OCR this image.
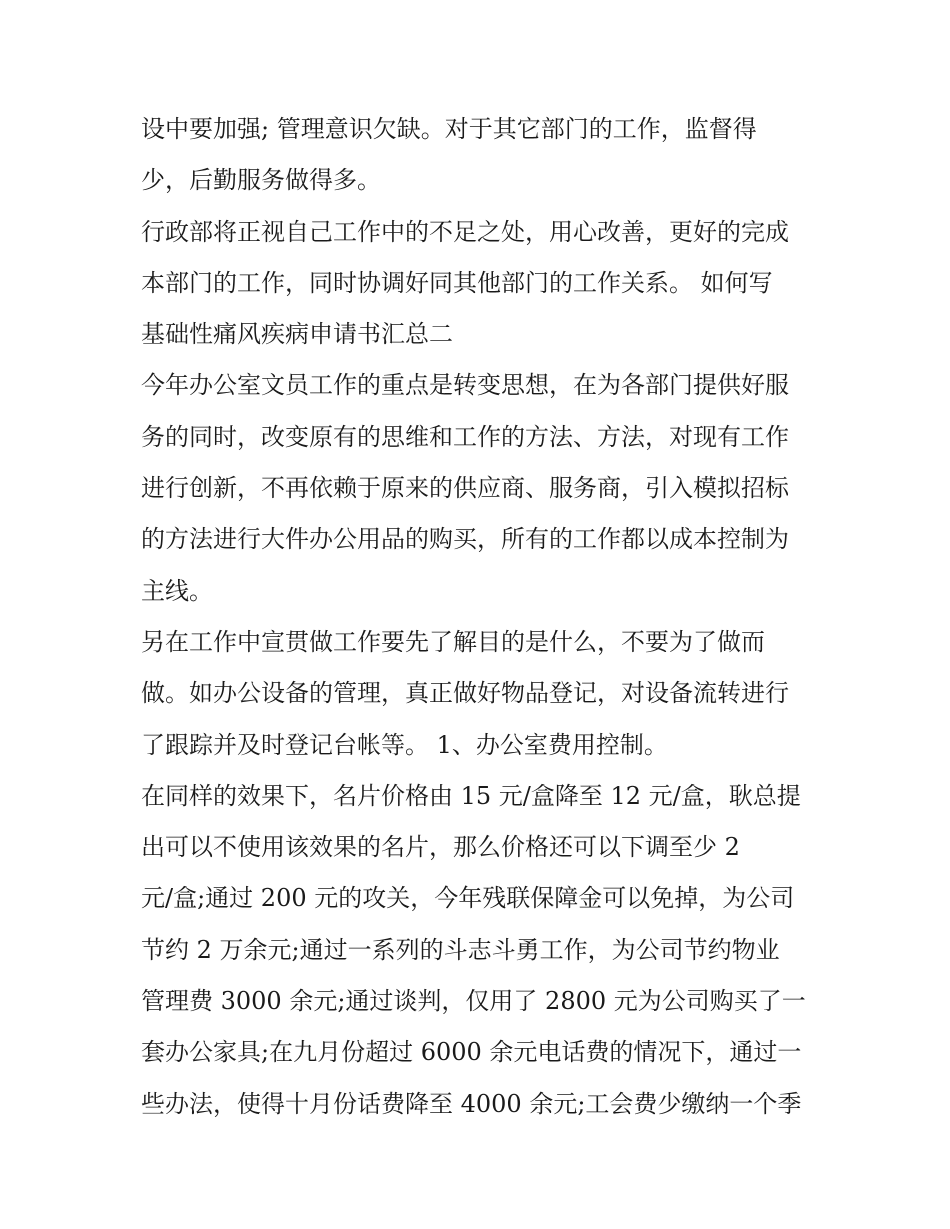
设中要加强; 管理意识欠缺。对于其它部门的工作，监督得
少，后勤服务做得多。
行政部将正视自己工作中的不足之处，用心改善，更好的完成
本部门的工作，同时协调好同其他部门的工作关系。 如何写
基础性痛风疾病申请书汇总二
今年办公室文员工作的重点是转变思想，在为各部门提供好服
务的同时，改变原有的思维和工作的方法、方法，对现有工作
进行创新，不再依赖于原来的供应商、服务商，引入模拟招标
的方法进行大件办公用品的购买，所有的工作都以成本控制为
主线。
另在工作中宣贯做工作要先了解目的是什么，不要为了做而
做。如办公设备的管理，真正做好物品登记，对设备流转进行
了跟踪并及时登记台帐等。 1、办公室费用控制。
在同样的效果下，名片价格由 15 元/盒降至 12 元/盒，耿总提
出可以不使用该效果的名片，那么价格还可以下调至少 2
元/盒;通过 200 元的攻关，今年残联保障金可以免掉，为公司
节约 2 万余元;通过一系列的斗志斗勇工作，为公司节约物业
管理费 3000 余元;通过谈判，仅用了 2800 元为公司购买了一
套办公家具;在九月份超过 6000 余元电话费的情况下，通过一
些办法，使得十月份话费降至 4000 余元;工会费少缴纳一个季
